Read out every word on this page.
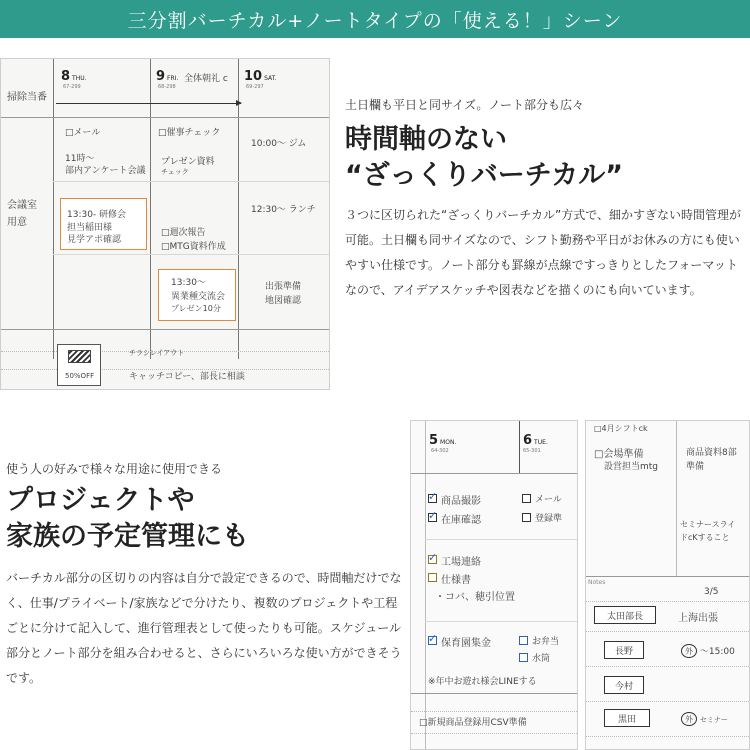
三分割バーチカル+ノートタイプの「使える！」シーン
8 THU.
67-299
9 FRI.
68-298
10 SAT.
69-297
掃除当番
会議室
用意
□メール
11時～
部内アンケート会議
13:30- 研修会
担当稲田様
見学アポ確認
全体朝礼 c
□催事チェック
プレゼン資料
チェック
□週次報告
□MTG資料作成
13:30～
異業種交流会
プレゼン10分
10:00～ ジム
12:30～ ランチ
出張準備
地図確認
チラシレイアウト
50%OFF	キャッチコピー、部長に相談
土日欄も平日と同サイズ。ノート部分も広々
時間軸のない
“ざっくりバーチカル”
３つに区切られた“ざっくりバーチカル”方式で、細かすぎない時間管理が可能。土日欄も同サイズなので、シフト勤務や平日がお休みの方にも使いやすい仕様です。ノート部分も罫線が点線ですっきりとしたフォーマットなので、アイデアスケッチや図表などを描くのにも向いています。
使う人の好みで様々な用途に使用できる
プロジェクトや
家族の予定管理にも
バーチカル部分の区切りの内容は自分で設定できるので、時間軸だけでなく、仕事/プライベート/家族などで分けたり、複数のプロジェクトや工程ごとに分けて記入して、進行管理表として使ったりも可能。スケジュール部分とノート部分を組み合わせると、さらにいろいろな使い方ができそうです。
5 MON.
64-302
6 TUE.
65-301
✓
商品撮影	メール
✓
在庫確認	登録準
✓
工場連絡
仕様書
・コバ、穂引位置
✓
保育園集金	お弁当
水筒
※年中お遊れ様会LINEする
□新規商品登録用CSV準備
□4月シフトck
□会場準備
設営担当mtg
商品資料8部
準備
セミナースライ
ドcKすること
Notes
3/5
太田部長	上海出張
長野	外 ～15:00
今村
黒田	外 セミナー
